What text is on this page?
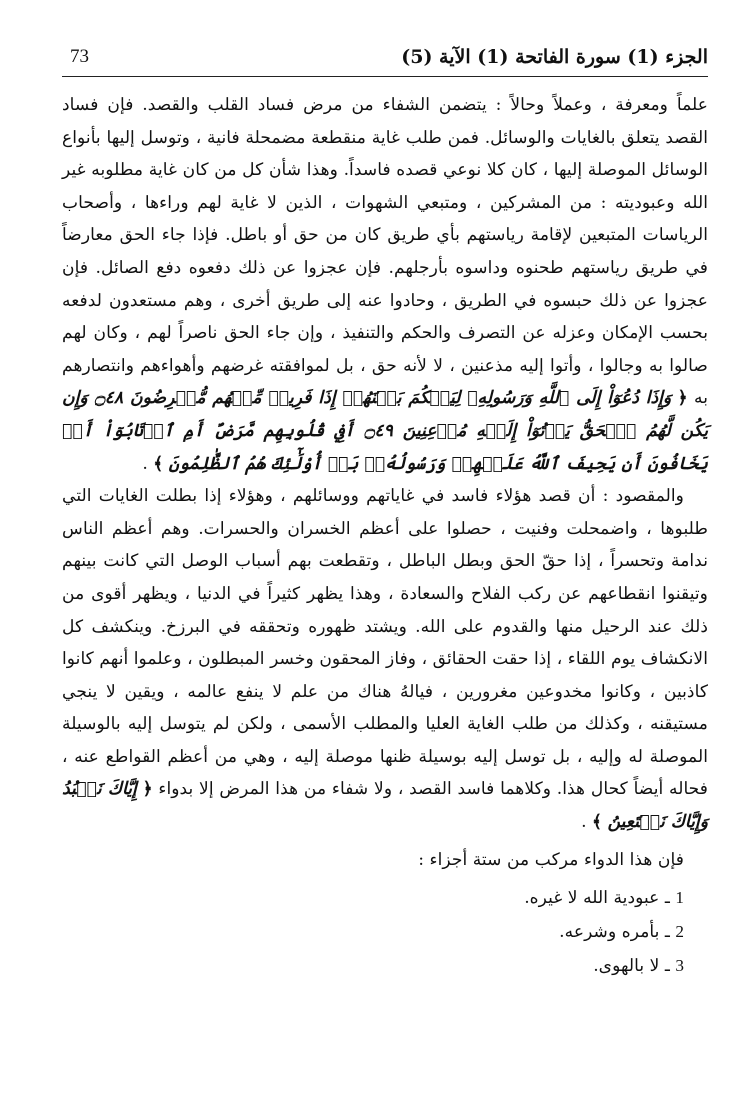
الجزء (1) سورة الفاتحة (1) الآية (5)
73

علماً ومعرفة ، وعملاً وحالاً : يتضمن الشفاء من مرض فساد القلب والقصد. فإن فساد القصد يتعلق بالغايات والوسائل. فمن طلب غاية منقطعة مضمحلة فانية ، وتوسل إليها بأنواع الوسائل الموصلة إليها ، كان كلا نوعي قصده فاسداً. وهذا شأن كل من كان غاية مطلوبه غير الله وعبوديته : من المشركين ، ومتبعي الشهوات ، الذين لا غاية لهم وراءها ، وأصحاب الرياسات المتبعين لإقامة رياستهم بأي طريق كان من حق أو باطل. فإذا جاء الحق معارضاً في طريق رياستهم طحنوه وداسوه بأرجلهم. فإن عجزوا عن ذلك دفعوه دفع الصائل. فإن عجزوا عن ذلك حبسوه في الطريق ، وحادوا عنه إلى طريق أخرى ، وهم مستعدون لدفعه بحسب الإمكان وعزله عن التصرف والحكم والتنفيذ ، وإن جاء الحق ناصراً لهم ، وكان لهم صالوا به وجالوا ، وأتوا إليه مذعنين ، لا لأنه حق ، بل لموافقته غرضهم وأهواءهم وانتصارهم به ﴿ وَإِذَا دُعُوٓاْ إِلَى ٱللَّهِ وَرَسُولِهِۦ لِيَحۡكُمَ بَيۡنَهُمۡ إِذَا فَرِيقٞ مِّنۡهُم مُّعۡرِضُونَ ۝٤٨ وَإِن يَكُن لَّهُمُ ٱلۡحَقُّ يَأۡتُوٓاْ إِلَيۡهِ مُذۡعِنِينَ ۝٤٩ أَفِي قُلُوبِهِم مَّرَضٌ أَمِ ٱرۡتَابُوٓاْ أَمۡ يَخَافُونَ أَن يَحِيفَ ٱللَّهُ عَلَيۡهِمۡ وَرَسُولُهُۥۚ بَلۡ أُوْلَٰٓئِكَ هُمُ ٱلظَّٰلِمُونَ ﴾ .

والمقصود : أن قصد هؤلاء فاسد في غاياتهم ووسائلهم ، وهؤلاء إذا بطلت الغايات التي طلبوها ، واضمحلت وفنيت ، حصلوا على أعظم الخسران والحسرات. وهم أعظم الناس ندامة وتحسراً ، إذا حقّ الحق وبطل الباطل ، وتقطعت بهم أسباب الوصل التي كانت بينهم وتيقنوا انقطاعهم عن ركب الفلاح والسعادة ، وهذا يظهر كثيراً في الدنيا ، ويظهر أقوى من ذلك عند الرحيل منها والقدوم على الله. ويشتد ظهوره وتحققه في البرزخ. وينكشف كل الانكشاف يوم اللقاء ، إذا حقت الحقائق ، وفاز المحقون وخسر المبطلون ، وعلموا أنهم كانوا كاذبين ، وكانوا مخدوعين مغرورين ، فيالهُ هناك من علم لا ينفع عالمه ، ويقين لا ينجي مستيقنه ، وكذلك من طلب الغاية العليا والمطلب الأسمى ، ولكن لم يتوسل إليه بالوسيلة الموصلة له وإليه ، بل توسل إليه بوسيلة ظنها موصلة إليه ، وهي من أعظم القواطع عنه ، فحاله أيضاً كحال هذا. وكلاهما فاسد القصد ، ولا شفاء من هذا المرض إلا بدواء ﴿ إِيَّاكَ نَعۡبُدُ وَإِيَّاكَ نَسۡتَعِينُ ﴾ .

فإن هذا الدواء مركب من ستة أجزاء :
1 ـ عبودية الله لا غيره.
2 ـ بأمره وشرعه.
3 ـ لا بالهوى.
